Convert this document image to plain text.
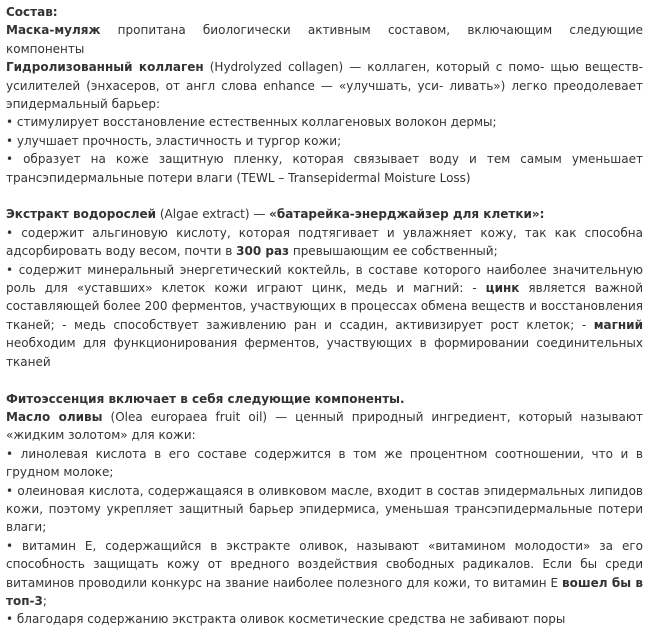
Состав:

Маска-муляж пропитана биологически активным составом, включающим следующие компоненты

Гидролизованный коллаген (Hydrolyzed collagen) — коллаген, который с помо- щью веществ-усилителей (энхасеров, от англ слова enhance — «улучшать, уси- ливать») легко преодолевает эпидермальный барьер:

• стимулирует восстановление естественных коллагеновых волокон дермы;

• улучшает прочность, эластичность и тургор кожи;

• образует на коже защитную пленку, которая связывает воду и тем самым уменьшает трансэпидермальные потери влаги (TEWL – Transepidermal Moisture Loss)

Экстракт водорослей (Algae extract) — «батарейка-энерджайзер для клетки»:

• содержит альгиновую кислоту, которая подтягивает и увлажняет кожу, так как способна адсорбировать воду весом, почти в 300 раз превышающим ее собственный;

• содержит минеральный энергетический коктейль, в составе которого наиболее значительную роль для «уставших» клеток кожи играют цинк, медь и магний: - цинк является важной составляющей более 200 ферментов, участвующих в процессах обмена веществ и восстановления тканей; - медь способствует заживлению ран и ссадин, активизирует рост клеток; - магний необходим для функционирования ферментов, участвующих в формировании соединительных тканей

Фитоэссенция включает в себя следующие компоненты.

Масло оливы (Olea europaea fruit oil) — ценный природный ингредиент, который называют «жидким золотом» для кожи:

• линолевая кислота в его составе содержится в том же процентном соотношении, что и в грудном молоке;

• олеиновая кислота, содержащаяся в оливковом масле, входит в состав эпидермальных липидов кожи, поэтому укрепляет защитный барьер эпидермиса, уменьшая трансэпидермальные потери влаги;

• витамин Е, содержащийся в экстракте оливок, называют «витамином молодости» за его способность защищать кожу от вредного воздействия свободных радикалов. Если бы среди витаминов проводили конкурс на звание наиболее полезного для кожи, то витамин Е вошел бы в топ-3;

• благодаря содержанию экстракта оливок косметические средства не забивают поры
